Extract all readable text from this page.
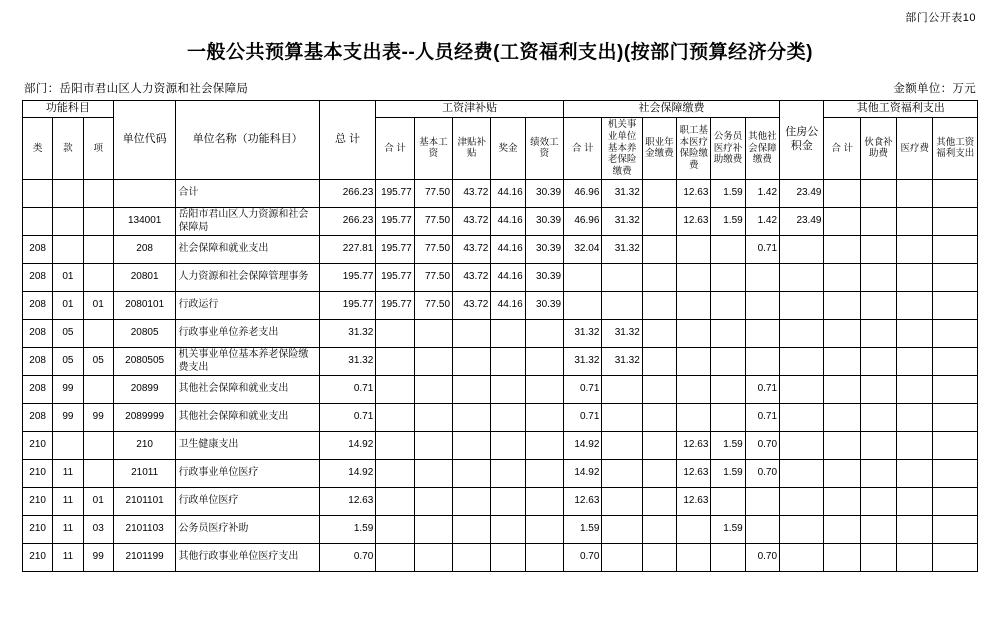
部门公开表10
一般公共预算基本支出表--人员经费(工资福利支出)(按部门预算经济分类)
部门：岳阳市君山区人力资源和社会保障局	金额单位：万元
功能科目			单位代码	单位名称（功能科目）	总 计	工资津补贴					社会保障缴费						住房公积金	其他工资福利支出			
类	款	项				合 计	基本工资	津贴补贴	奖金	绩效工资	合 计	机关事业单位基本养老保险缴费	职业年金缴费	职工基本医疗保险缴费	公务员医疗补助缴费	其他社会保障缴费		合 计	伙食补助费	医疗费	其他工资福利支出
				合计	266.23	195.77	77.50	43.72	44.16	30.39	46.96	31.32		12.63	1.59	1.42	23.49				
			134001	岳阳市君山区人力资源和社会保障局	266.23	195.77	77.50	43.72	44.16	30.39	46.96	31.32		12.63	1.59	1.42	23.49				
208			208	社会保障和就业支出	227.81	195.77	77.50	43.72	44.16	30.39	32.04	31.32				0.71					
208	01		20801	人力资源和社会保障管理事务	195.77	195.77	77.50	43.72	44.16	30.39											
208	01	01	2080101	行政运行	195.77	195.77	77.50	43.72	44.16	30.39											
208	05		20805	行政事业单位养老支出	31.32						31.32	31.32									
208	05	05	2080505	机关事业单位基本养老保险缴费支出	31.32						31.32	31.32									
208	99		20899	其他社会保障和就业支出	0.71						0.71					0.71					
208	99	99	2089999	其他社会保障和就业支出	0.71						0.71					0.71					
210			210	卫生健康支出	14.92						14.92			12.63	1.59	0.70					
210	11		21011	行政事业单位医疗	14.92						14.92			12.63	1.59	0.70					
210	11	01	2101101	行政单位医疗	12.63						12.63			12.63							
210	11	03	2101103	公务员医疗补助	1.59						1.59				1.59						
210	11	99	2101199	其他行政事业单位医疗支出	0.70						0.70					0.70					
